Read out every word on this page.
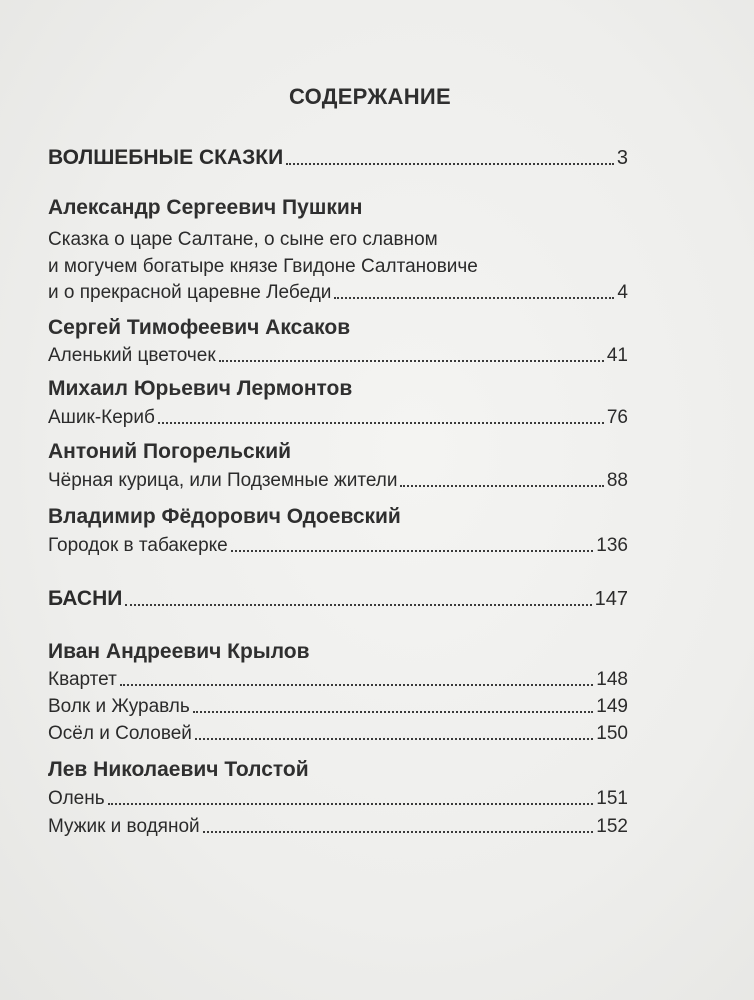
СОДЕРЖАНИЕ
ВОЛШЕБНЫЕ СКАЗКИ	3
Александр Сергеевич Пушкин
Сказка о царе Салтане, о сыне его славном
и могучем богатыре князе Гвидоне Салтановиче
и о прекрасной царевне Лебеди	4
Сергей Тимофеевич Аксаков
Аленький цветочек	41
Михаил Юрьевич Лермонтов
Ашик-Кериб	76
Антоний Погорельский
Чёрная курица, или Подземные жители	88
Владимир Фёдорович Одоевский
Городок в табакерке	136
БАСНИ	147
Иван Андреевич Крылов
Квартет	148
Волк и Журавль	149
Осёл и Соловей	150
Лев Николаевич Толстой
Олень	151
Мужик и водяной	152
